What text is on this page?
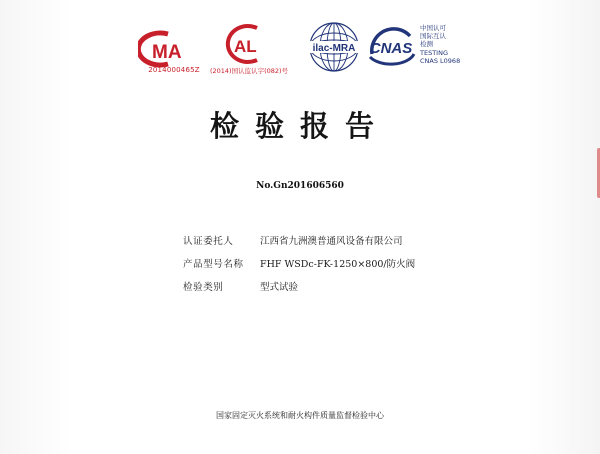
MA
2014000465Z
AL
(2014)国认监认字(082)号
ilac-MRA CNAS
中国认可
国际互认
检测
TESTING
CNAS L0968
检验报告
No.Gn201606560
认证委托人	江西省九洲澳普通风设备有限公司
产品型号名称 FHF WSDc-FK-1250×800/防火阀
检验类别	型式试验
国家固定灭火系统和耐火构件质量监督检验中心
